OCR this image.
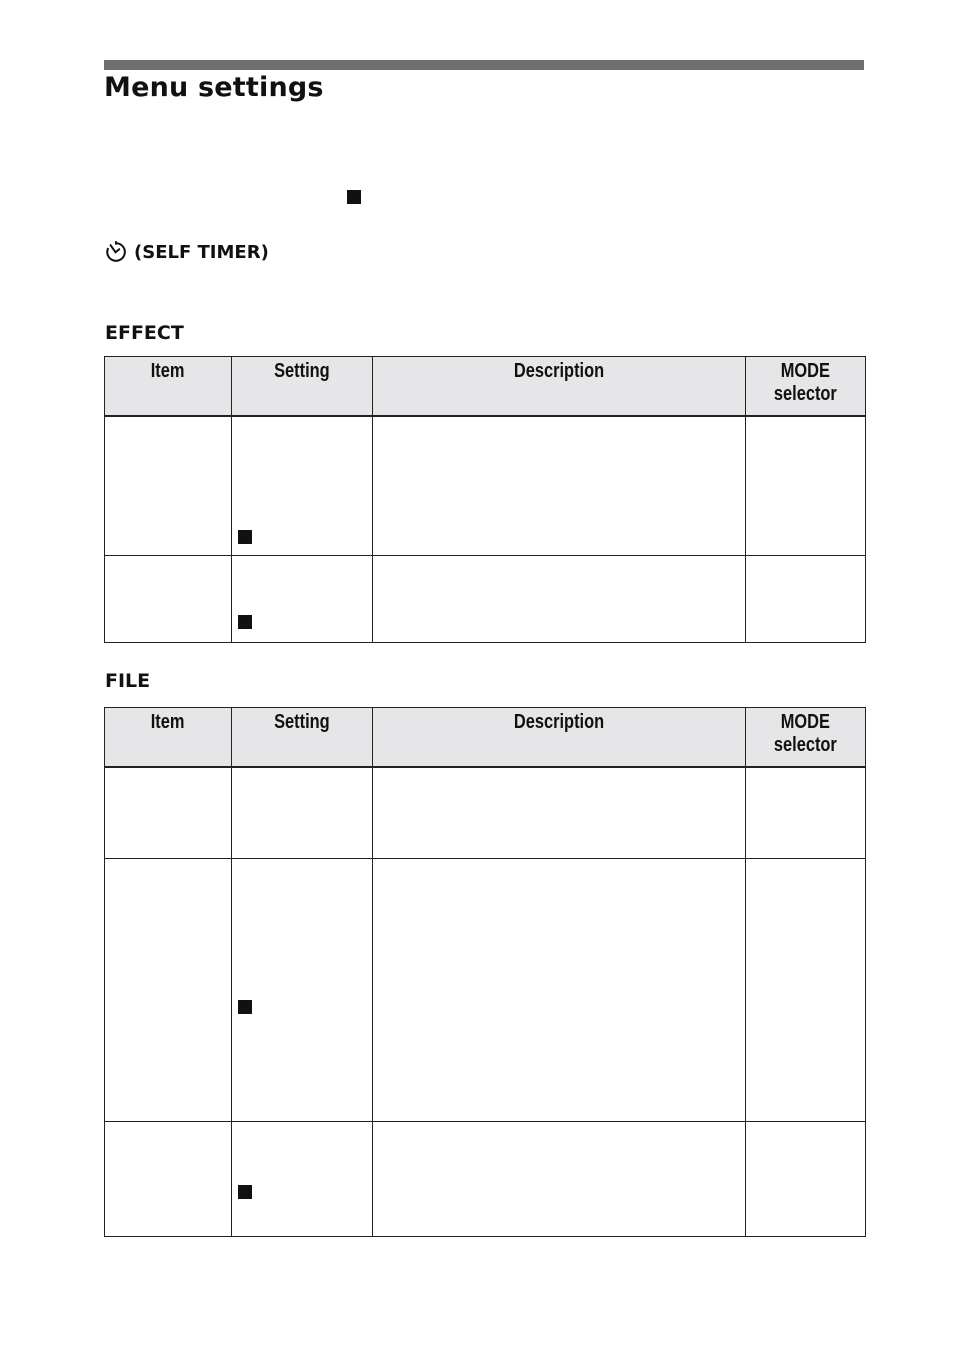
Menu settings
(SELF TIMER)
EFFECT
Item	Setting	Description	MODE
selector

FILE
Item	Setting	Description	MODE
selector
